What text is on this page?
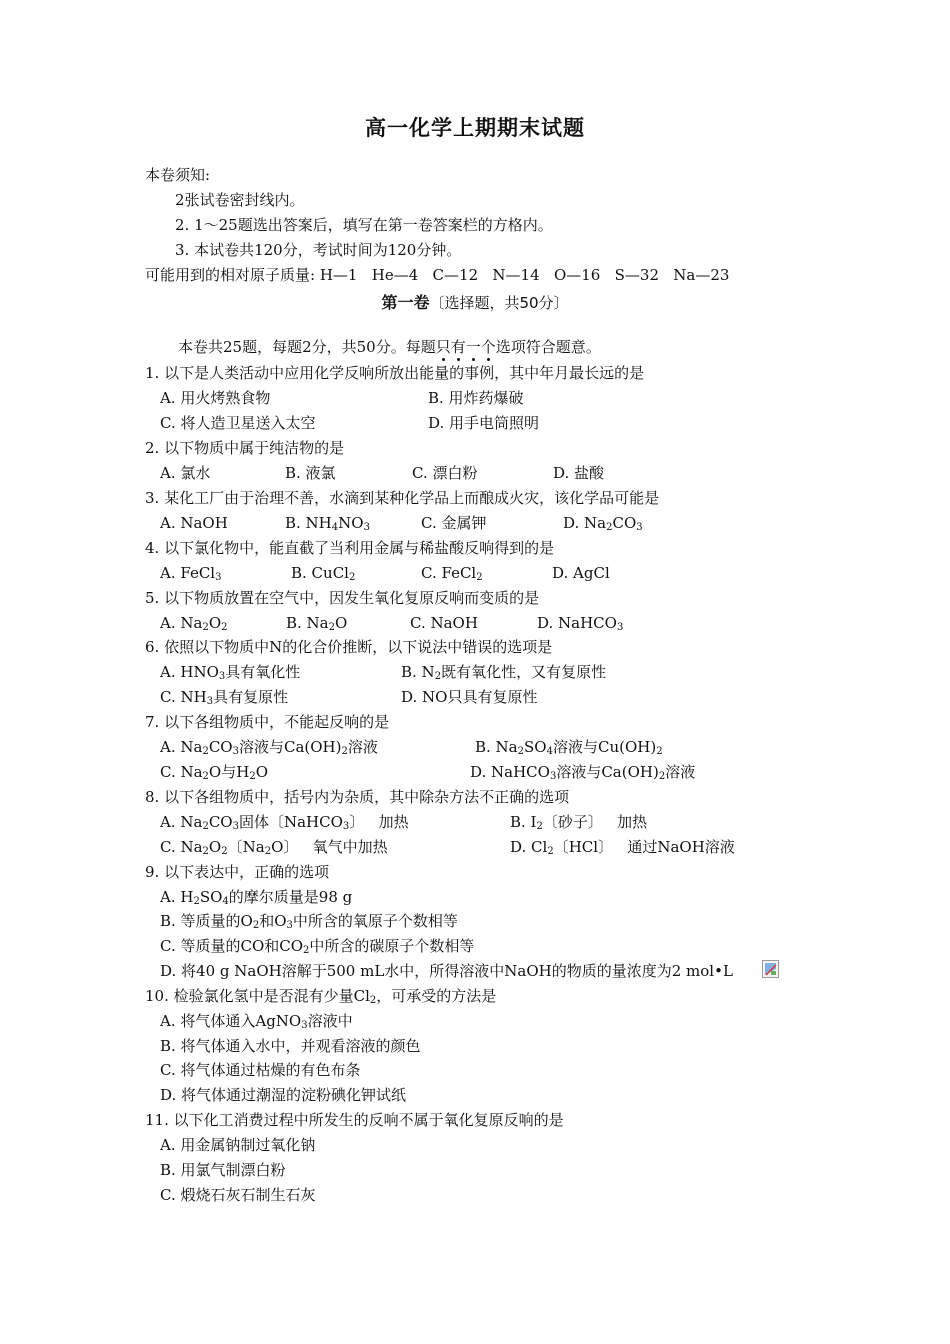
高一化学上期期末试题
本卷须知:
2张试卷密封线内。
2. 1～25题选出答案后，填写在第一卷答案栏的方格内。
3. 本试卷共120分，考试时间为120分钟。
可能用到的相对原子质量: H—1   He—4   C—12   N—14   O—16   S—32   Na—23
第一卷〔选择题，共50分〕
本卷共25题，每题2分，共50分。每题只
有
一
个
选项符合题意。
1. 以下是人类活动中应用化学反响所放出能量的事例，其中年月最长远的是
A. 用火烤熟食物	B. 用炸药爆破
C. 将人造卫星送入太空	D. 用手电筒照明
2. 以下物质中属于纯洁物的是
A. 氯水	B. 液氯	C. 漂白粉	D. 盐酸
3. 某化工厂由于治理不善，水滴到某种化学品上而酿成火灾，该化学品可能是
A. NaOH	B. $NH_4NO_3$	C. 金属钾	D. $Na_2CO_3$
4. 以下氯化物中，能直截了当利用金属与稀盐酸反响得到的是
A. FeCl$_3$	B. CuCl$_2$	C. FeCl$_2$	D. AgCl
5. 以下物质放置在空气中，因发生氧化复原反响而变质的是
A. $Na_2O_2$	B. $Na_2O$	C. NaOH	D. NaHCO$_3$
6. 依照以下物质中N的化合价推断，以下说法中错误的选项是
A. $HNO_3$具有氧化性	B. $N_2$既有氧化性，又有复原性
C. $NH_3$具有复原性	D. NO只具有复原性
7. 以下各组物质中，不能起反响的是
A. $Na_2CO_3$溶液与$Ca(OH)_2$溶液	B. $Na_2SO_4$溶液与$Cu(OH)_2$
C. $Na_2O$与$H_2O$	D. NaHCO$_3$溶液与$Ca(OH)_2$溶液
8. 以下各组物质中，括号内为杂质，其中除杂方法不正确的选项
A. $Na_2CO_3$固体〔NaHCO$_3$〕   加热	B. $I_2$〔砂子〕   加热
C. $Na_2O_2$〔$Na_2O$〕   氧气中加热	D. $Cl_2$〔HCl〕   通过NaOH溶液
9. 以下表达中，正确的选项
A. $H_2SO_4$的摩尔质量是98 g
B. 等质量的$O_2$和$O_3$中所含的氧原子个数相等
C. 等质量的CO和$CO_2$中所含的碳原子个数相等
D. 将40 g NaOH溶解于500 mL水中，所得溶液中NaOH的物质的量浓度为2 mol•L
10. 检验氯化氢中是否混有少量$Cl_2$，可承受的方法是
A. 将气体通入AgNO$_3$溶液中
B. 将气体通入水中，并观看溶液的颜色
C. 将气体通过枯燥的有色布条
D. 将气体通过潮湿的淀粉碘化钾试纸
11. 以下化工消费过程中所发生的反响不属于氧化复原反响的是
A. 用金属钠制过氧化钠
B. 用氯气制漂白粉
C. 煅烧石灰石制生石灰
